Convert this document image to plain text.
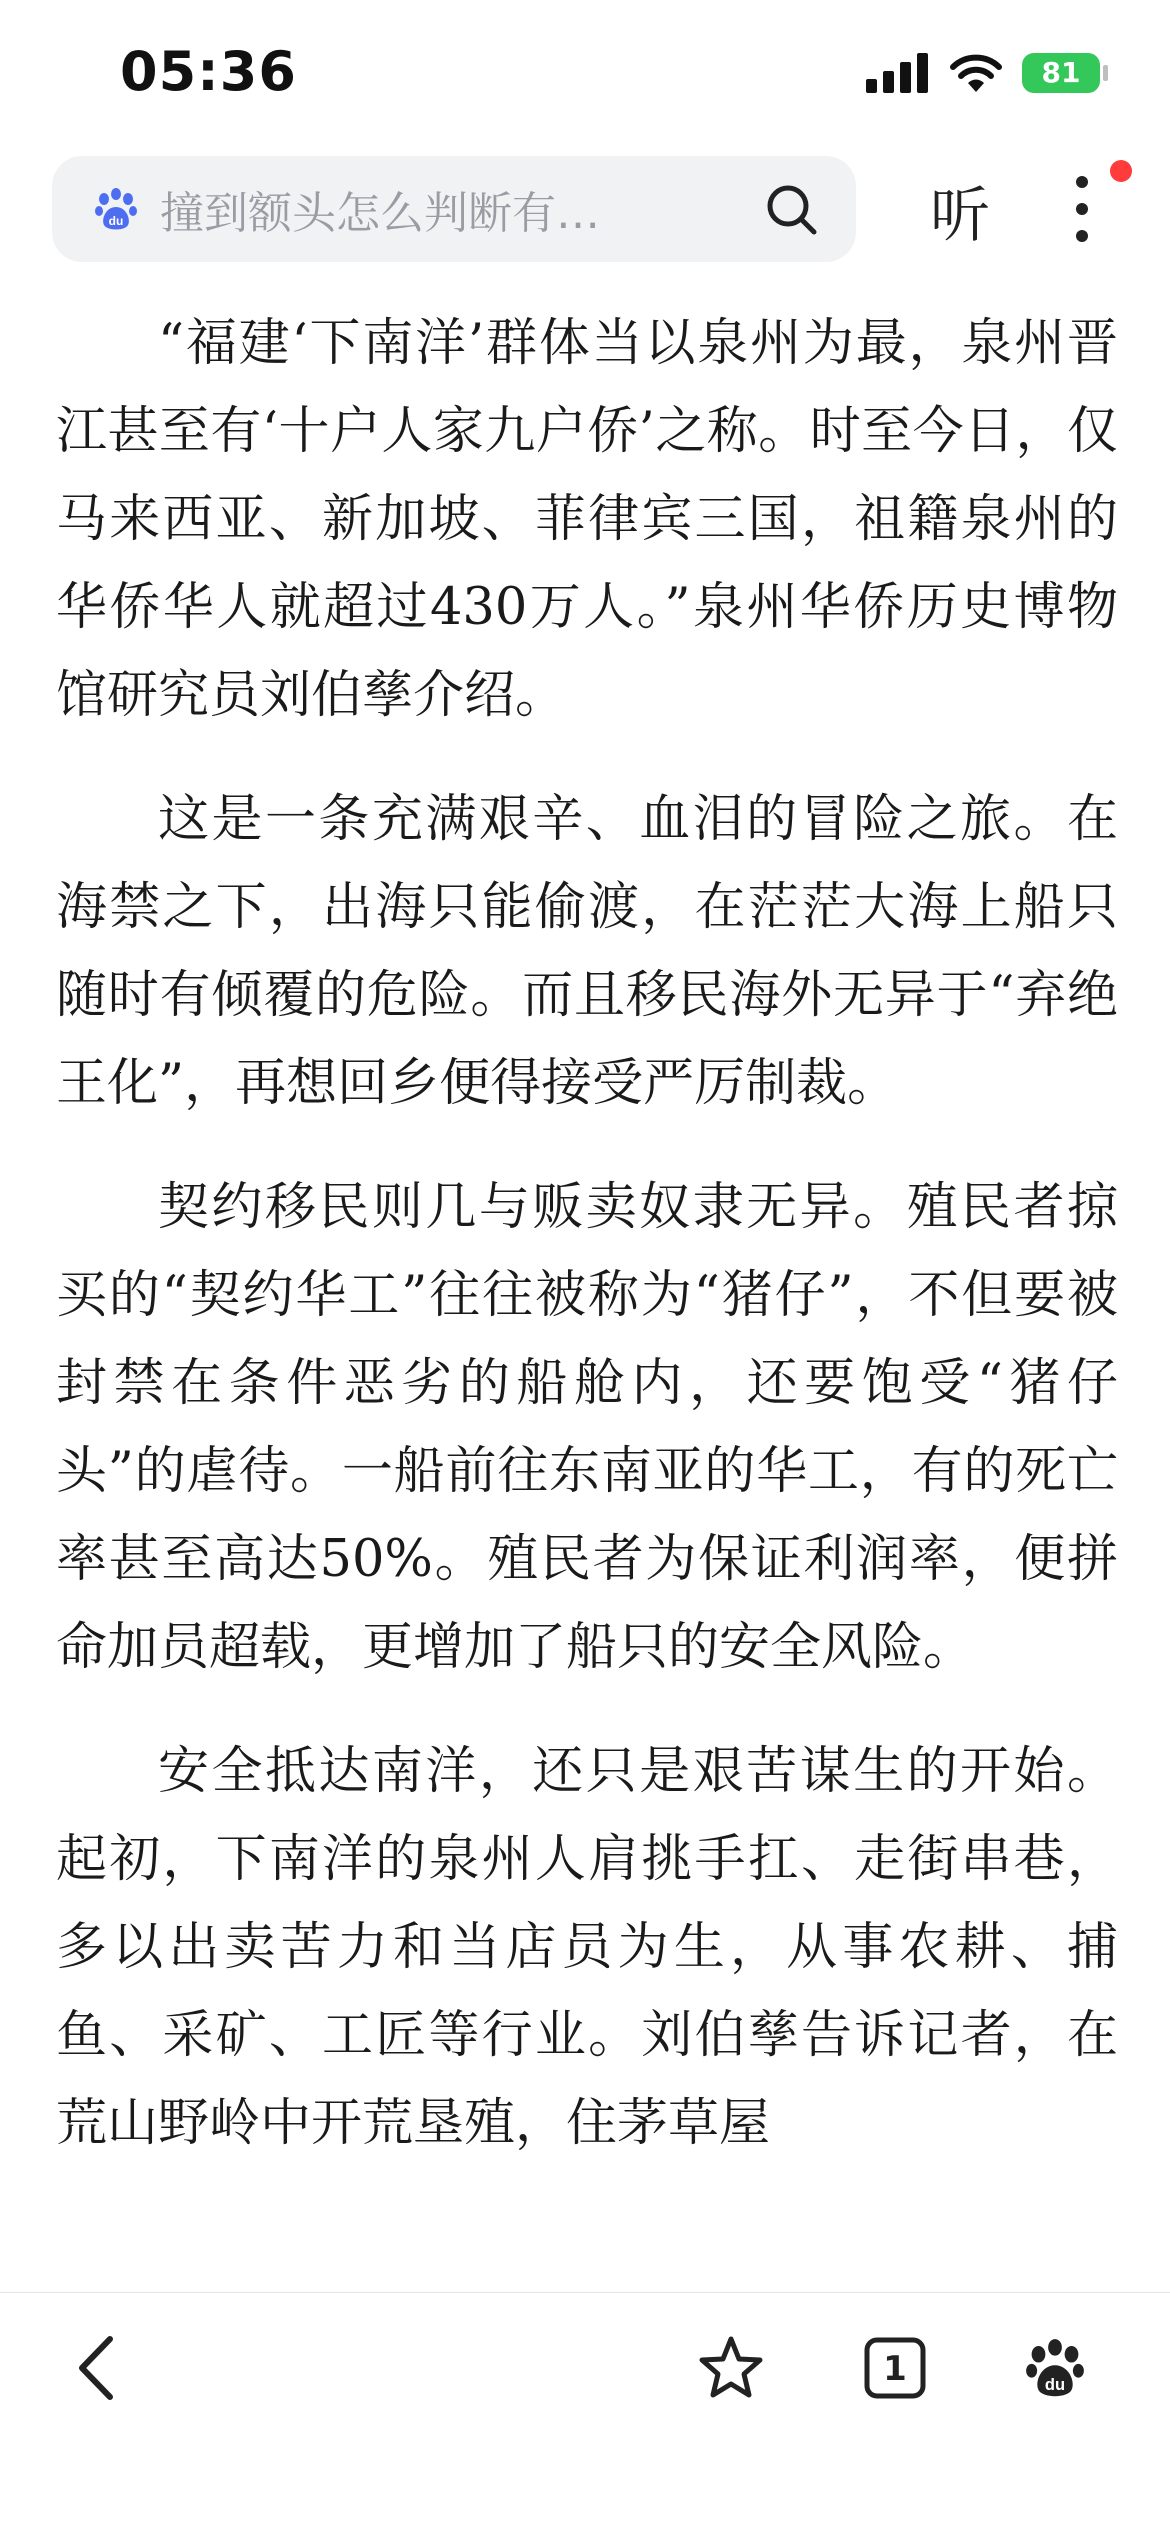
05:36	81
du 撞到额头怎么判断有…	听

“福建‘下南洋’群体当以泉州为最，泉州晋江甚至有‘十户人家九户侨’之称。时至今日，仅马来西亚、新加坡、菲律宾三国，祖籍泉州的华侨华人就超过430万人。”泉州华侨历史博物馆研究员刘伯孳介绍。

这是一条充满艰辛、血泪的冒险之旅。在海禁之下，出海只能偷渡，在茫茫大海上船只随时有倾覆的危险。而且移民海外无异于“弃绝王化”，再想回乡便得接受严厉制裁。

契约移民则几与贩卖奴隶无异。殖民者掠买的“契约华工”往往被称为“猪仔”，不但要被封禁在条件恶劣的船舱内，还要饱受“猪仔头”的虐待。一船前往东南亚的华工，有的死亡率甚至高达50%。殖民者为保证利润率，便拼命加员超载，更增加了船只的安全风险。

安全抵达南洋，还只是艰苦谋生的开始。起初，下南洋的泉州人肩挑手扛、走街串巷，多以出卖苦力和当店员为生，从事农耕、捕鱼、采矿、工匠等行业。刘伯孳告诉记者，在荒山野岭中开荒垦殖，住茅草屋

1	du
